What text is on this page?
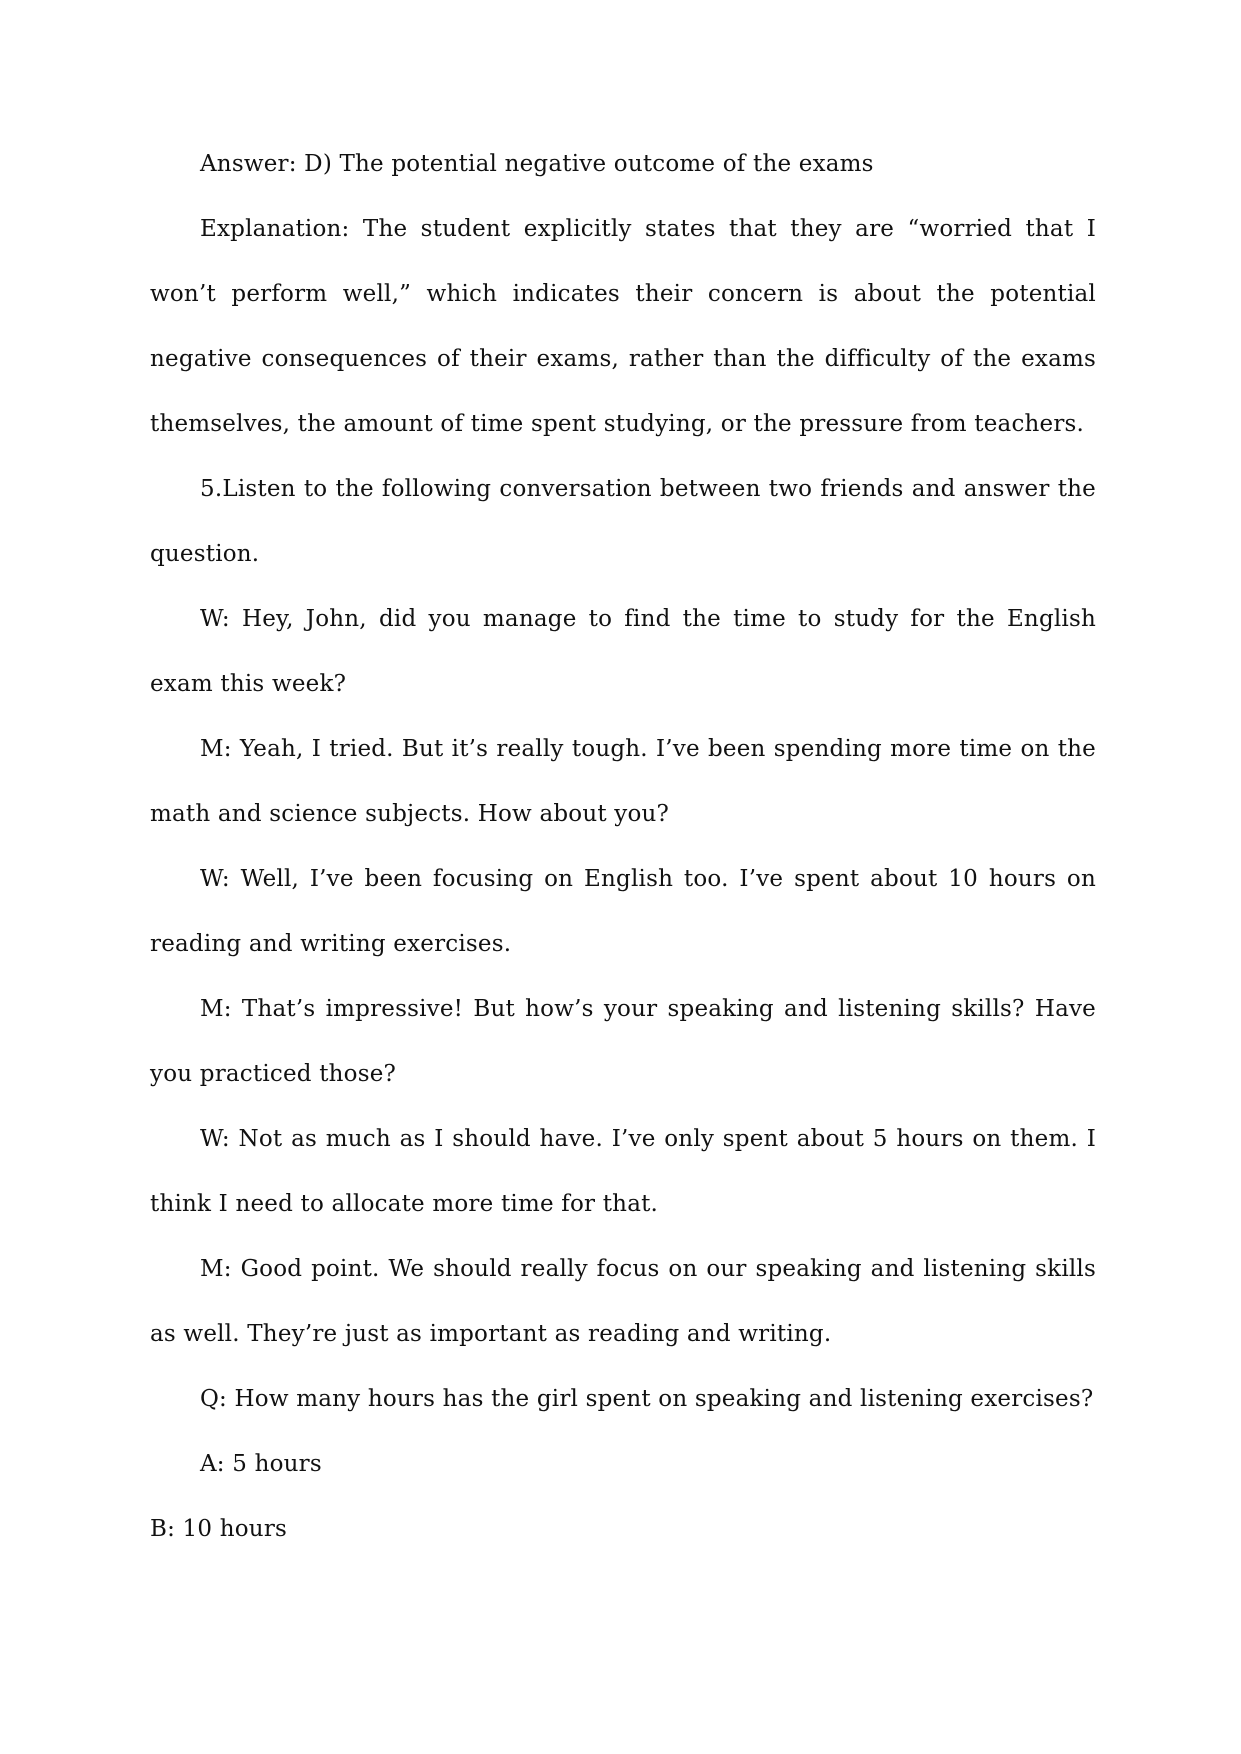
Answer: D) The potential negative outcome of the exams

Explanation: The student explicitly states that they are “worried that I won’t perform well,” which indicates their concern is about the potential negative consequences of their exams, rather than the difficulty of the exams themselves, the amount of time spent studying, or the pressure from teachers.

5.Listen to the following conversation between two friends and answer the question.

W: Hey, John, did you manage to find the time to study for the English exam this week?

M: Yeah, I tried. But it’s really tough. I’ve been spending more time on the math and science subjects. How about you?

W: Well, I’ve been focusing on English too. I’ve spent about 10 hours on reading and writing exercises.

M: That’s impressive! But how’s your speaking and listening skills? Have you practiced those?

W: Not as much as I should have. I’ve only spent about 5 hours on them. I think I need to allocate more time for that.

M: Good point. We should really focus on our speaking and listening skills as well. They’re just as important as reading and writing.

Q: How many hours has the girl spent on speaking and listening exercises?

A: 5 hours

B: 10 hours
